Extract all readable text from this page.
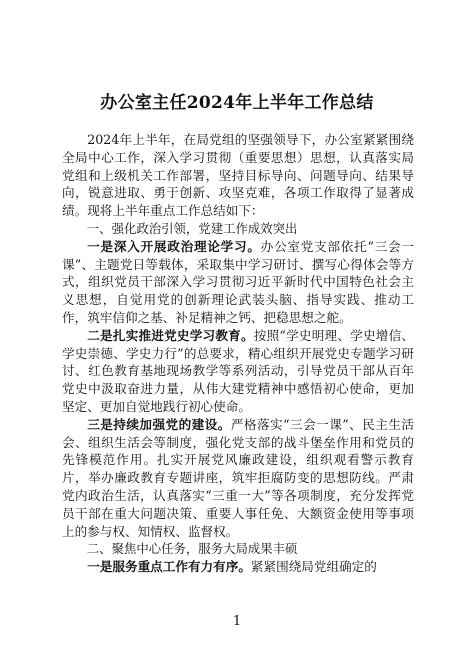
办公室主任2024年上半年工作总结

2024年上半年，在局党组的坚强领导下，办公室紧紧围绕全局中心工作，深入学习贯彻（重要思想）思想，认真落实局党组和上级机关工作部署，坚持目标导向、问题导向、结果导向，锐意进取、勇于创新、攻坚克难，各项工作取得了显著成绩。现将上半年重点工作总结如下：

一、强化政治引领，党建工作成效突出

一是深入开展政治理论学习。办公室党支部依托“三会一课”、主题党日等载体，采取集中学习研讨、撰写心得体会等方式，组织党员干部深入学习贯彻习近平新时代中国特色社会主义思想，自觉用党的创新理论武装头脑、指导实践、推动工作，筑牢信仰之基、补足精神之钙、把稳思想之舵。

二是扎实推进党史学习教育。按照“学史明理、学史增信、学史崇德、学史力行”的总要求，精心组织开展党史专题学习研讨、红色教育基地现场教学等系列活动，引导党员干部从百年党史中汲取奋进力量，从伟大建党精神中感悟初心使命，更加坚定、更加自觉地践行初心使命。

三是持续加强党的建设。严格落实“三会一课”、民主生活会、组织生活会等制度，强化党支部的战斗堡垒作用和党员的先锋模范作用。扎实开展党风廉政建设，组织观看警示教育片，举办廉政教育专题讲座，筑牢拒腐防变的思想防线。严肃党内政治生活，认真落实“三重一大”等各项制度，充分发挥党员干部在重大问题决策、重要人事任免、大额资金使用等事项上的参与权、知情权、监督权。

二、聚焦中心任务，服务大局成果丰硕

一是服务重点工作有力有序。紧紧围绕局党组确定的

1
